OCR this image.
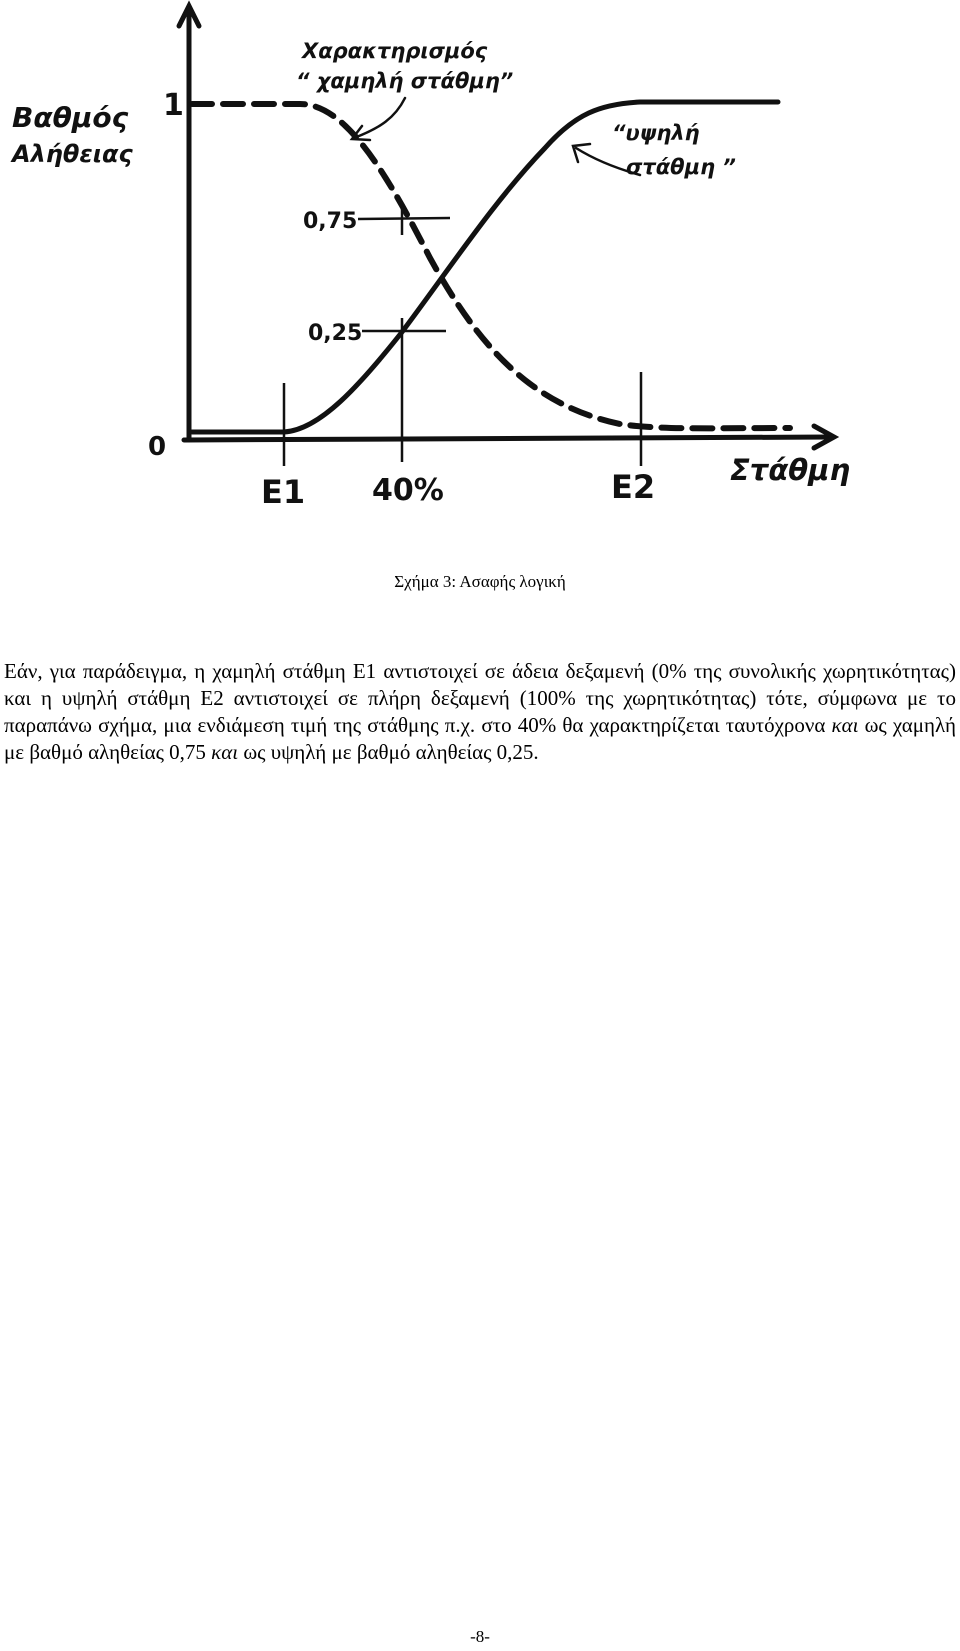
Βαθμός
Αλήθειας
1
0
0,75
0,25
E1 40%	E2	Στάθμη
Χαρακτηρισμός
“ χαμηλή στάθμη”
“υψηλή
στάθμη ”
Σχήμα 3: Ασαφής λογική

Εάν, για παράδειγμα, η χαμηλή στάθμη Ε1 αντιστοιχεί σε άδεια δεξαμενή (0% της συνολικής χωρητικότητας) και η υψηλή στάθμη Ε2 αντιστοιχεί σε πλήρη δεξαμενή (100% της χωρητικότητας) τότε, σύμφωνα με το παραπάνω σχήμα, μια ενδιάμεση τιμή της στάθμης π.χ. στο 40% θα χαρακτηρίζεται ταυτόχρονα και ως χαμηλή με βαθμό αληθείας 0,75 και ως υψηλή με βαθμό αληθείας 0,25.

-8-
